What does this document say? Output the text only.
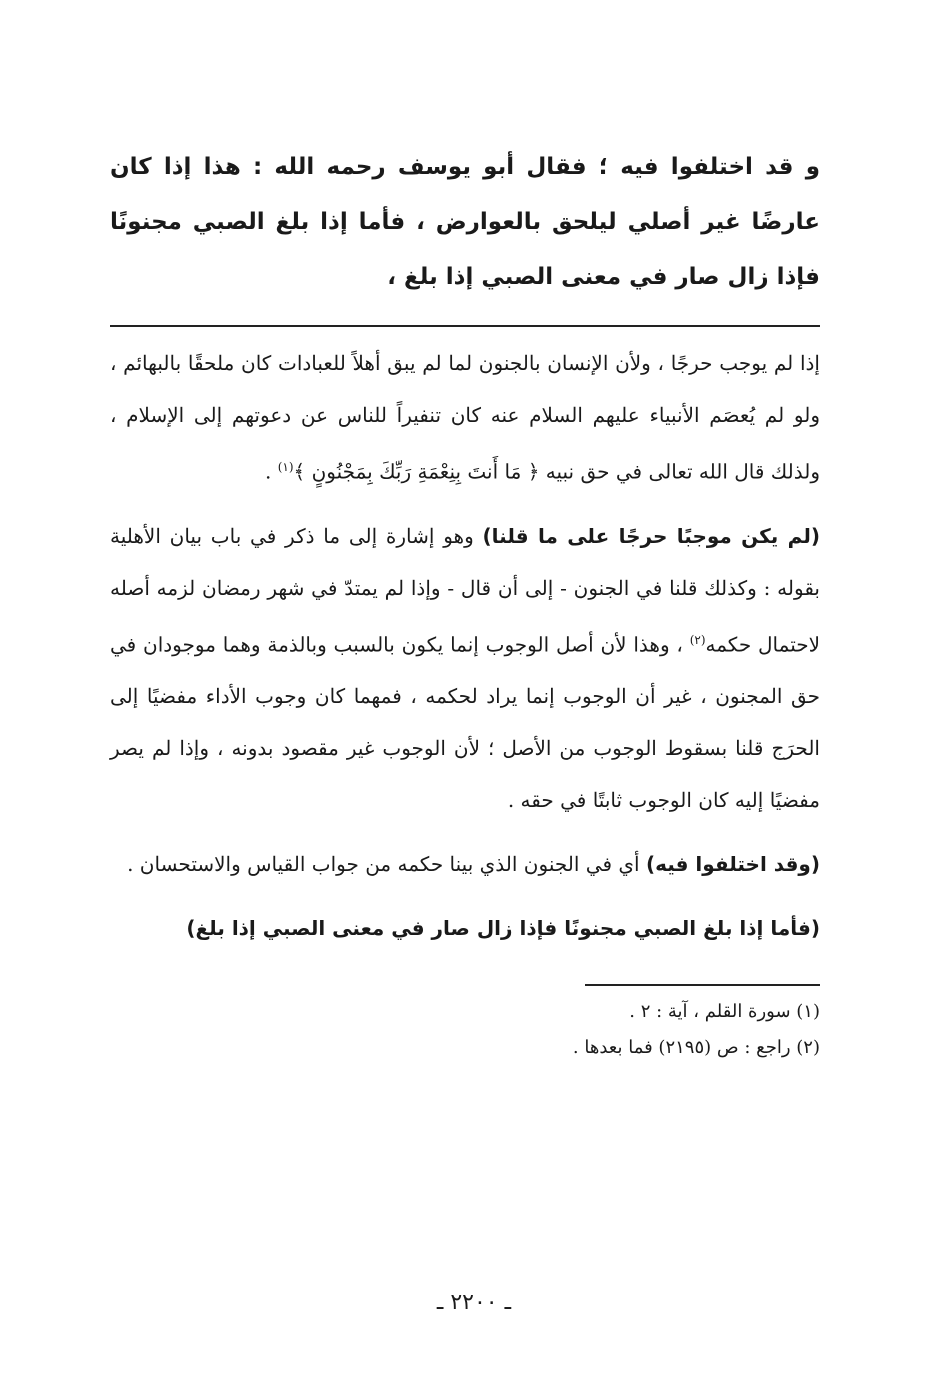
و قد اختلفوا فيه ؛ فقال أبو يوسف رحمه الله : هذا إذا كان عارضًا غير أصلي ليلحق بالعوارض ، فأما إذا بلغ الصبي مجنونًا فإذا زال صار في معنى الصبي إذا بلغ ،

إذا لم يوجب حرجًا ، ولأن الإنسان بالجنون لما لم يبق أهلاً للعبادات كان ملحقًا بالبهائم ، ولو لم يُعصَم الأنبياء عليهم السلام عنه كان تنفيراً للناس عن دعوتهم إلى الإسلام ، ولذلك قال الله تعالى في حق نبيه ﴿ مَا أَنتَ بِنِعْمَةِ رَبِّكَ بِمَجْنُونٍ ﴾$^{(١)}$ .

(لم يكن موجبًا حرجًا على ما قلنا) وهو إشارة إلى ما ذكر في باب بيان الأهلية بقوله : وكذلك قلنا في الجنون - إلى أن قال - وإذا لم يمتدّ في شهر رمضان لزمه أصله لاحتمال حكمه$^{(٢)}$ ، وهذا لأن أصل الوجوب إنما يكون بالسبب وبالذمة وهما موجودان في حق المجنون ، غير أن الوجوب إنما يراد لحكمه ، فمهما كان وجوب الأداء مفضيًا إلى الحرَج قلنا بسقوط الوجوب من الأصل ؛ لأن الوجوب غير مقصود بدونه ، وإذا لم يصر مفضيًا إليه كان الوجوب ثابتًا في حقه .

(وقد اختلفوا فيه) أي في الجنون الذي بينا حكمه من جواب القياس والاستحسان .

(فأما إذا بلغ الصبي مجنونًا فإذا زال صار في معنى الصبي إذا بلغ)

(١) سورة القلم ، آية : ٢ .
(٢) راجع : ص (٢١٩٥) فما بعدها .
ـ ٢٢٠٠ ـ
